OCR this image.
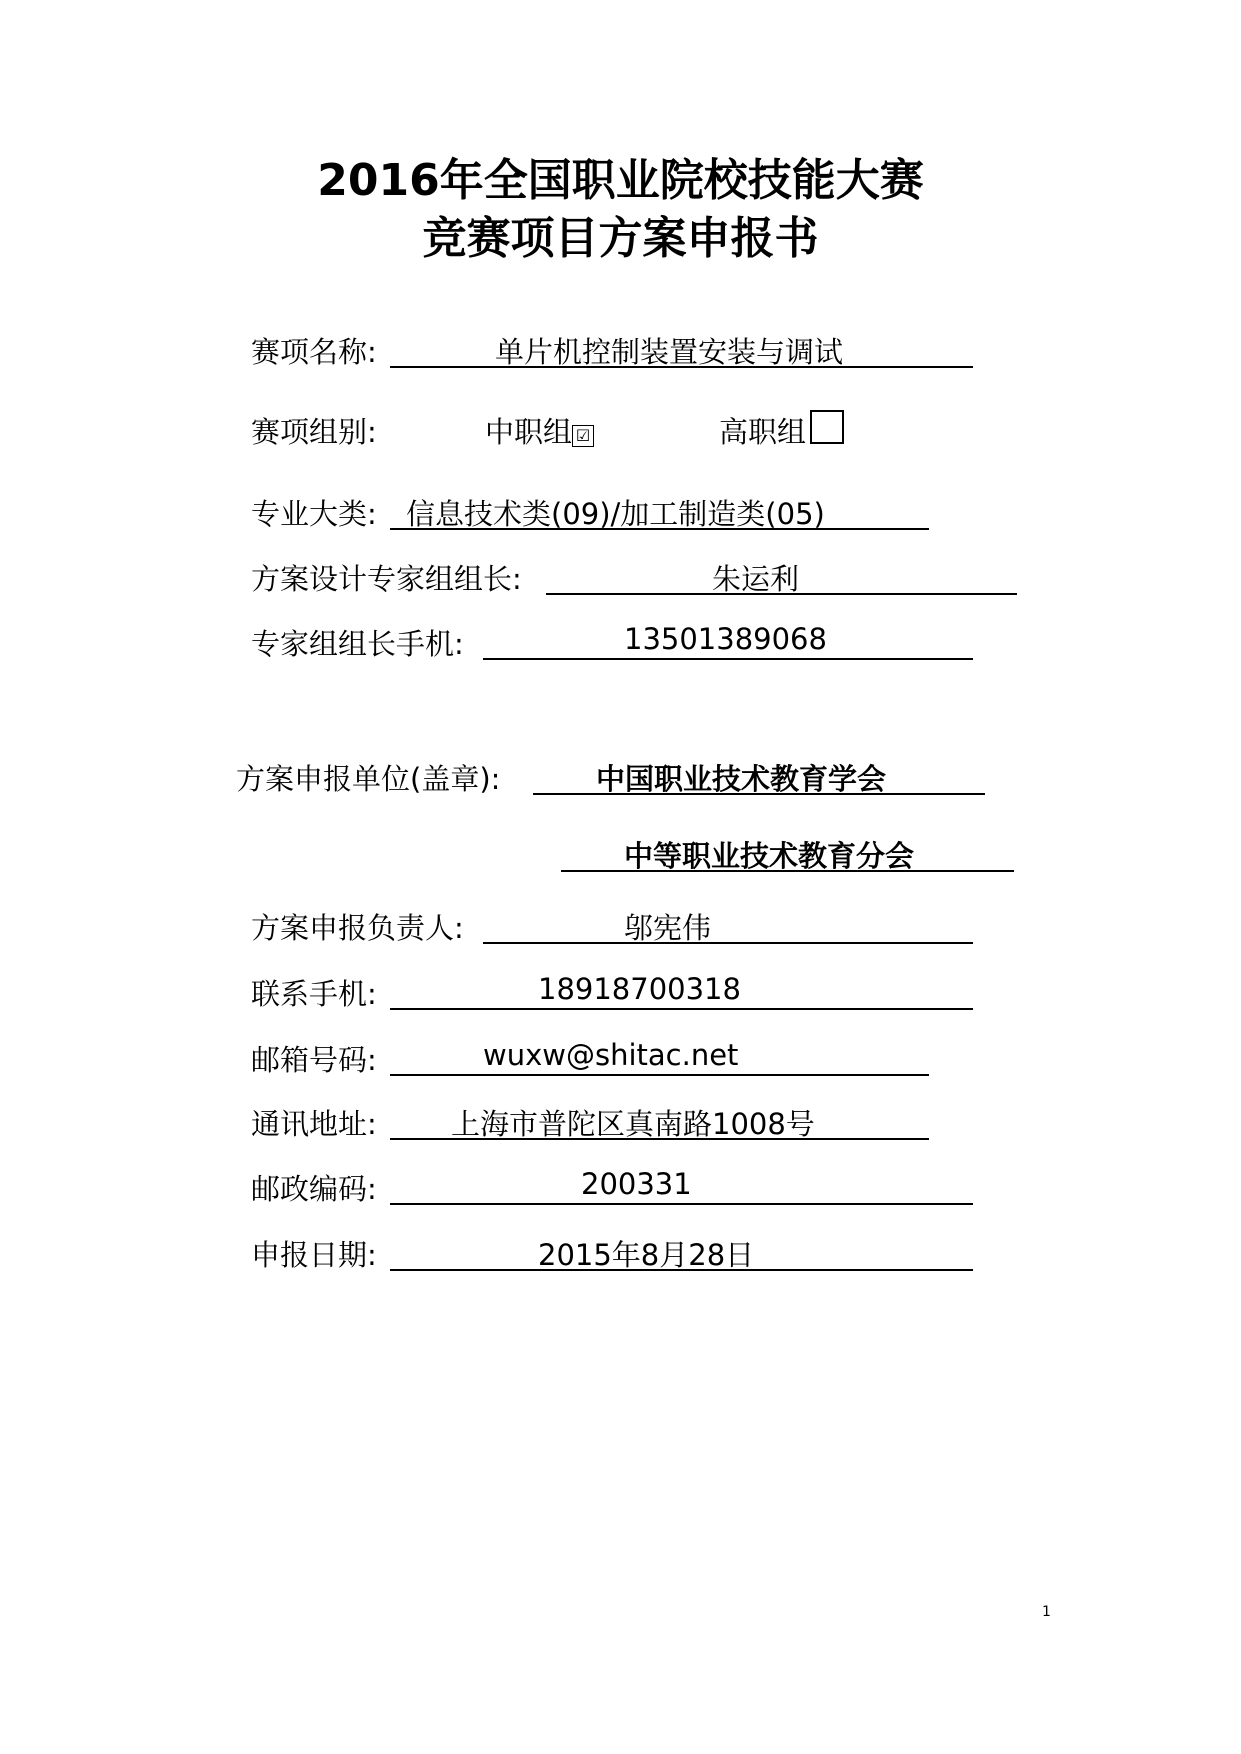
2016年全国职业院校技能大赛
竞赛项目方案申报书
赛项名称:	单片机控制装置安装与调试
赛项组别:	中职组 ☑	高职组
专业大类: 信息技术类(09)/加工制造类(05)
方案设计专家组组长:	朱运利
专家组组长手机:	13501389068
方案申报单位(盖章):	中国职业技术教育学会
中等职业技术教育分会
方案申报负责人:	邬宪伟
联系手机:	18918700318
邮箱号码:	wuxw@shitac.net
通讯地址:	上海市普陀区真南路1008号
邮政编码:	200331
申报日期:	2015年8月28日
1
